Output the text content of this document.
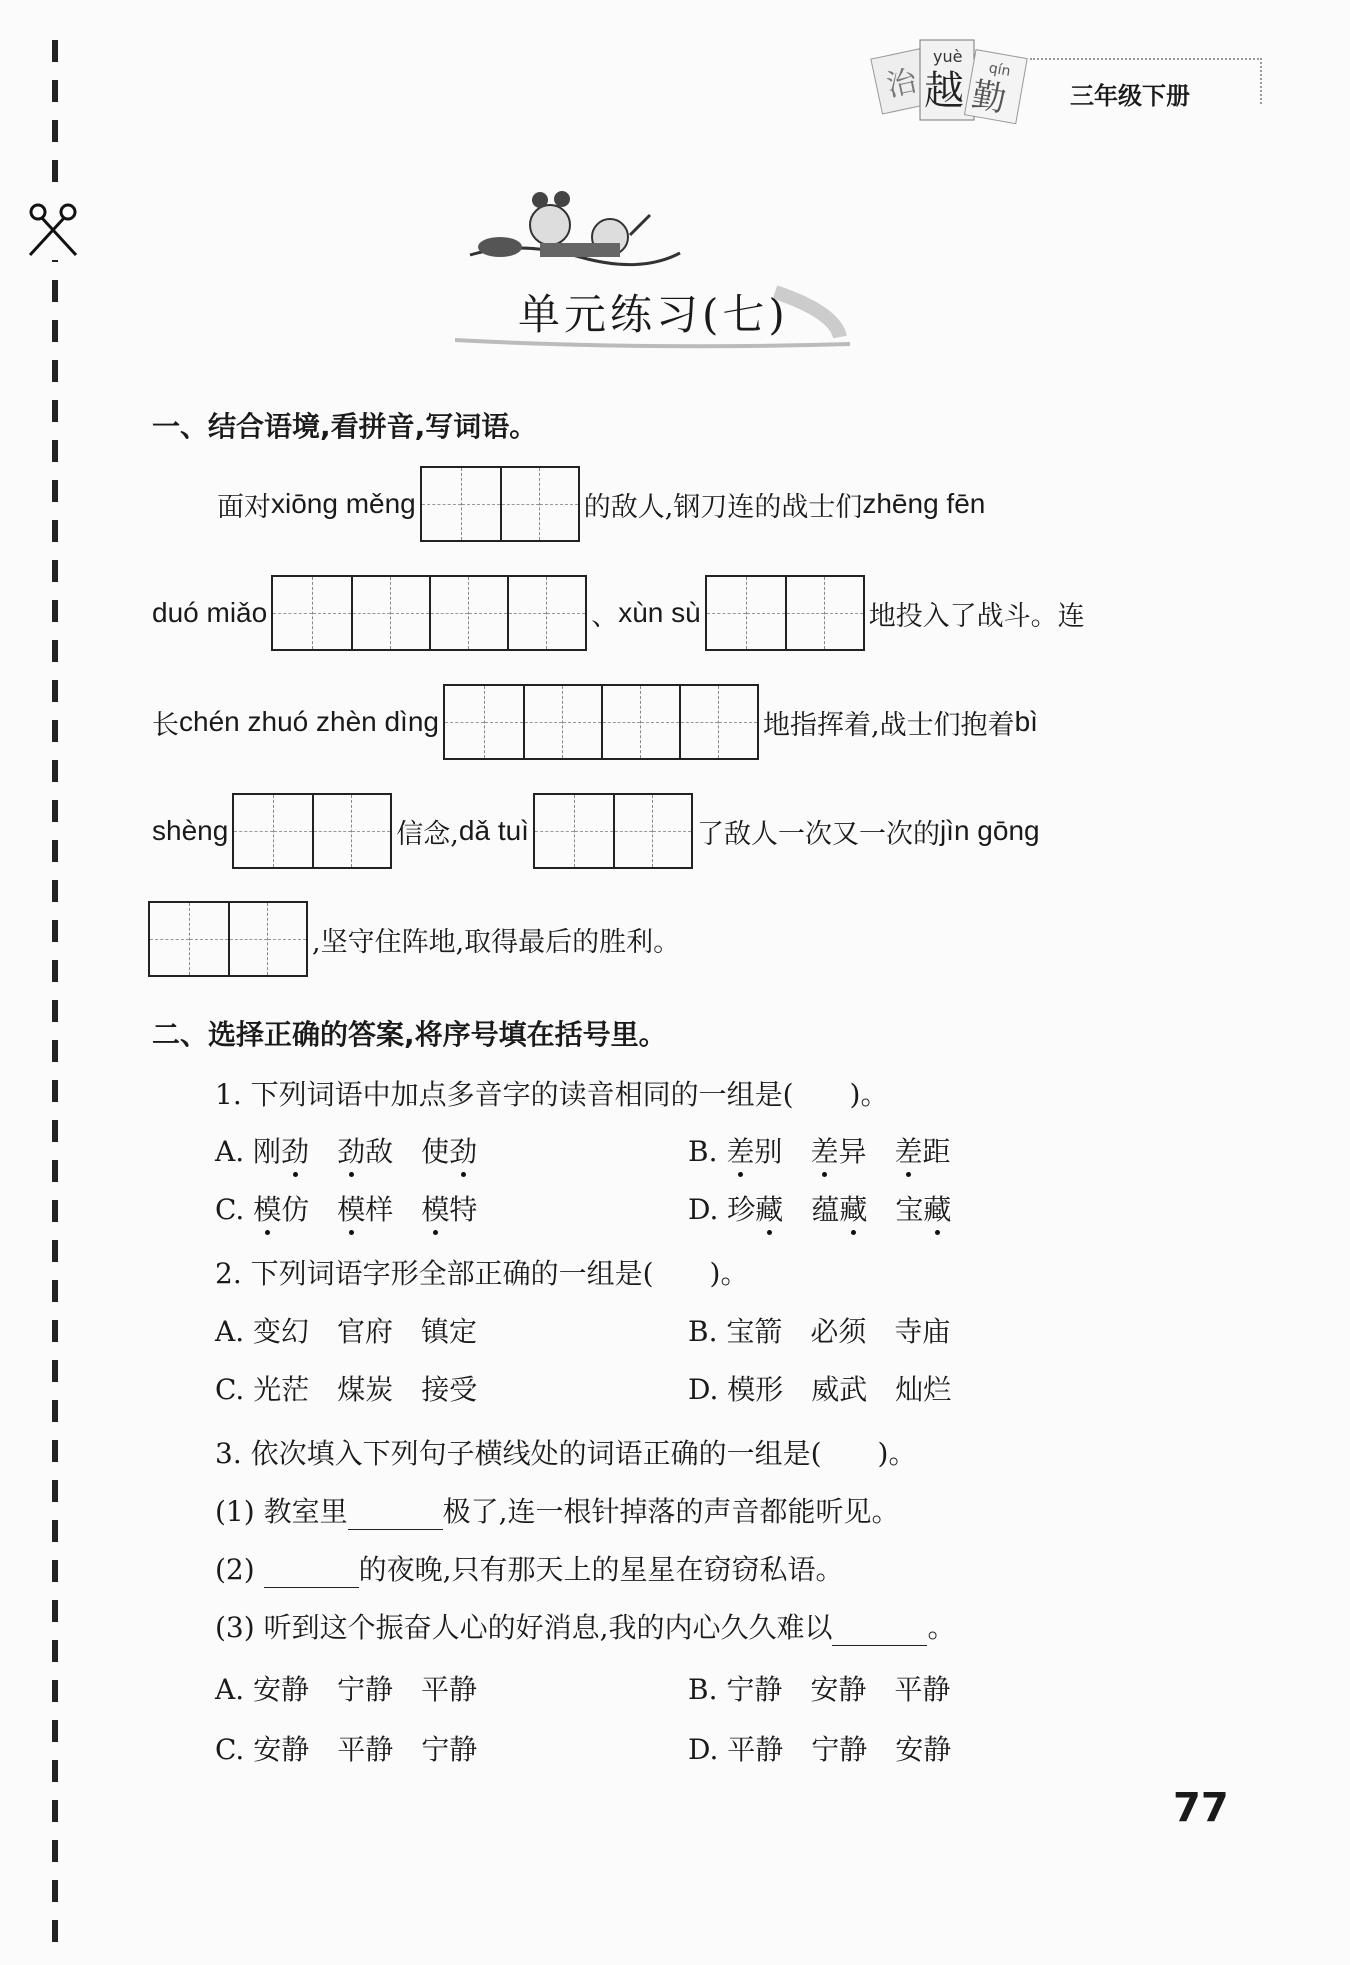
治
yuè
越 qín
勤	三年级下册
单元练习(七)
一、结合语境,看拼音,写词语。
面对 xiōng měng	的敌人,钢刀连的战士们 zhēng fēn
duó miǎo	、 xùn sù	地投入了战斗。连
长 chén zhuó zhèn dìng	地指挥着,战士们抱着 bì
shèng	信念, dǎ tuì	了敌人一次又一次的 jìn gōng
,坚守住阵地,取得最后的胜利。
二、选择正确的答案,将序号填在括号里。
1. 下列词语中加点多音字的读音相同的一组是(　　)。
A. 刚劲　 劲敌　 使劲	B. 差别　 差异　 差距
C. 模仿　 模样　 模特	D. 珍藏　 蕴藏　 宝藏
2. 下列词语字形全部正确的一组是(　　)。
A. 变幻　官府　镇定	B. 宝箭　必须　寺庙
C. 光茫　煤炭　接受	D. 模形　威武　灿烂
3. 依次填入下列句子横线处的词语正确的一组是(　　)。
(1) 教室里	极了,连一根针掉落的声音都能听见。
(2)	的夜晚,只有那天上的星星在窃窃私语。
(3) 听到这个振奋人心的好消息,我的内心久久难以	。
A. 安静　宁静　平静	B. 宁静　安静　平静
C. 安静　平静　宁静	D. 平静　宁静　安静
77
